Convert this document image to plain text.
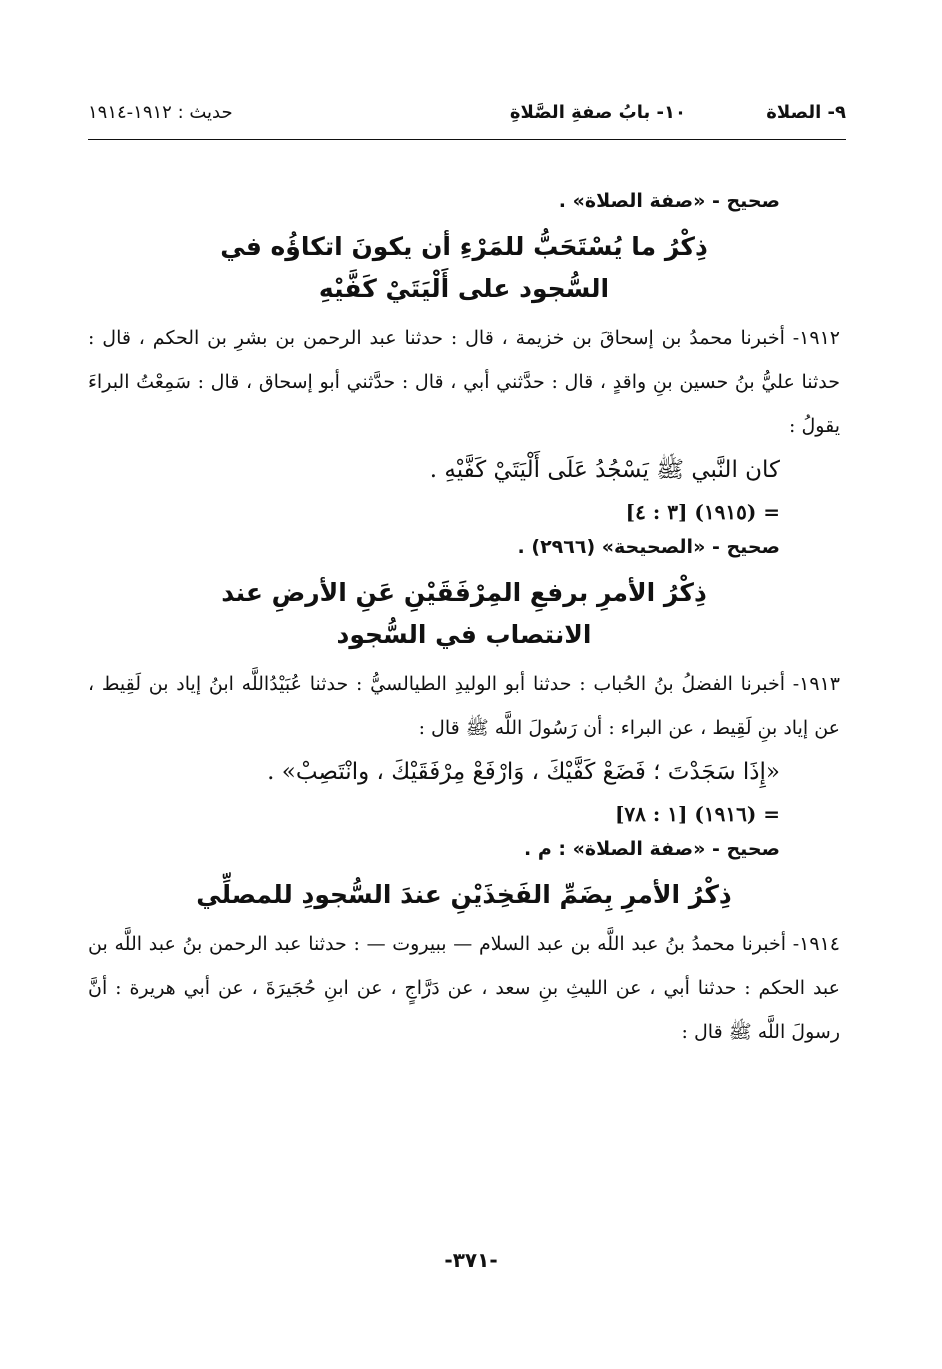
٩- الصلاة
١٠- بابُ صفةِ الصَّلاةِ
حديث : ١٩١٢-١٩١٤

صحيح - «صفة الصلاة» .

ذِكْرُ ما يُسْتَحَبُّ للمَرْءِ أن يكونَ اتكاؤُه في السُّجود على أَلْيَتَيْ كَفَّيْهِ

١٩١٢- أخبرنا محمدُ بن إسحاقَ بن خزيمة ، قال : حدثنا عبد الرحمن بن بشرِ بن الحكم ، قال : حدثنا عليُّ بنُ حسين بنِ واقدٍ ، قال : حدَّثني أبي ، قال : حدَّثني أبو إسحاق ، قال : سَمِعْتُ البراءَ يقولُ :

كان النَّبي ﷺ يَسْجُدُ عَلَى أَلْيَتَيْ كَفَّيْهِ .

= (١٩١٥) [٣ : ٤]

صحيح - «الصحيحة» (٢٩٦٦) .

ذِكْرُ الأمرِ برفعِ المِرْفَقَيْنِ عَنِ الأرضِ عند الانتصاب في السُّجود

١٩١٣- أخبرنا الفضلُ بنُ الحُباب : حدثنا أبو الوليدِ الطيالسيُّ : حدثنا عُبَيْدُاللَّه ابنُ إياد بن لَقِيط ، عن إياد بنِ لَقِيط ، عن البراء : أن رَسُولَ اللَّه ﷺ قال :

«إِذَا سَجَدْتَ ؛ فَضَعْ كَفَّيْكَ ، وَارْفَعْ مِرْفَقَيْكَ ، وانْتَصِبْ» .

= (١٩١٦) [١ : ٧٨]

صحيح - «صفة الصلاة» : م .

ذِكْرُ الأمرِ بِضَمِّ الفَخِذَيْنِ عندَ السُّجودِ للمصلِّي

١٩١٤- أخبرنا محمدُ بنُ عبد اللَّه بن عبد السلام — ببيروت — : حدثنا عبد الرحمن بنُ عبد اللَّه بن عبد الحكم : حدثنا أبي ، عن الليثِ بنِ سعد ، عن دَرَّاجٍ ، عن ابنِ حُجَيرَةَ ، عن أبي هريرة : أنَّ رسولَ اللَّه ﷺ قال :

-٣٧١-
